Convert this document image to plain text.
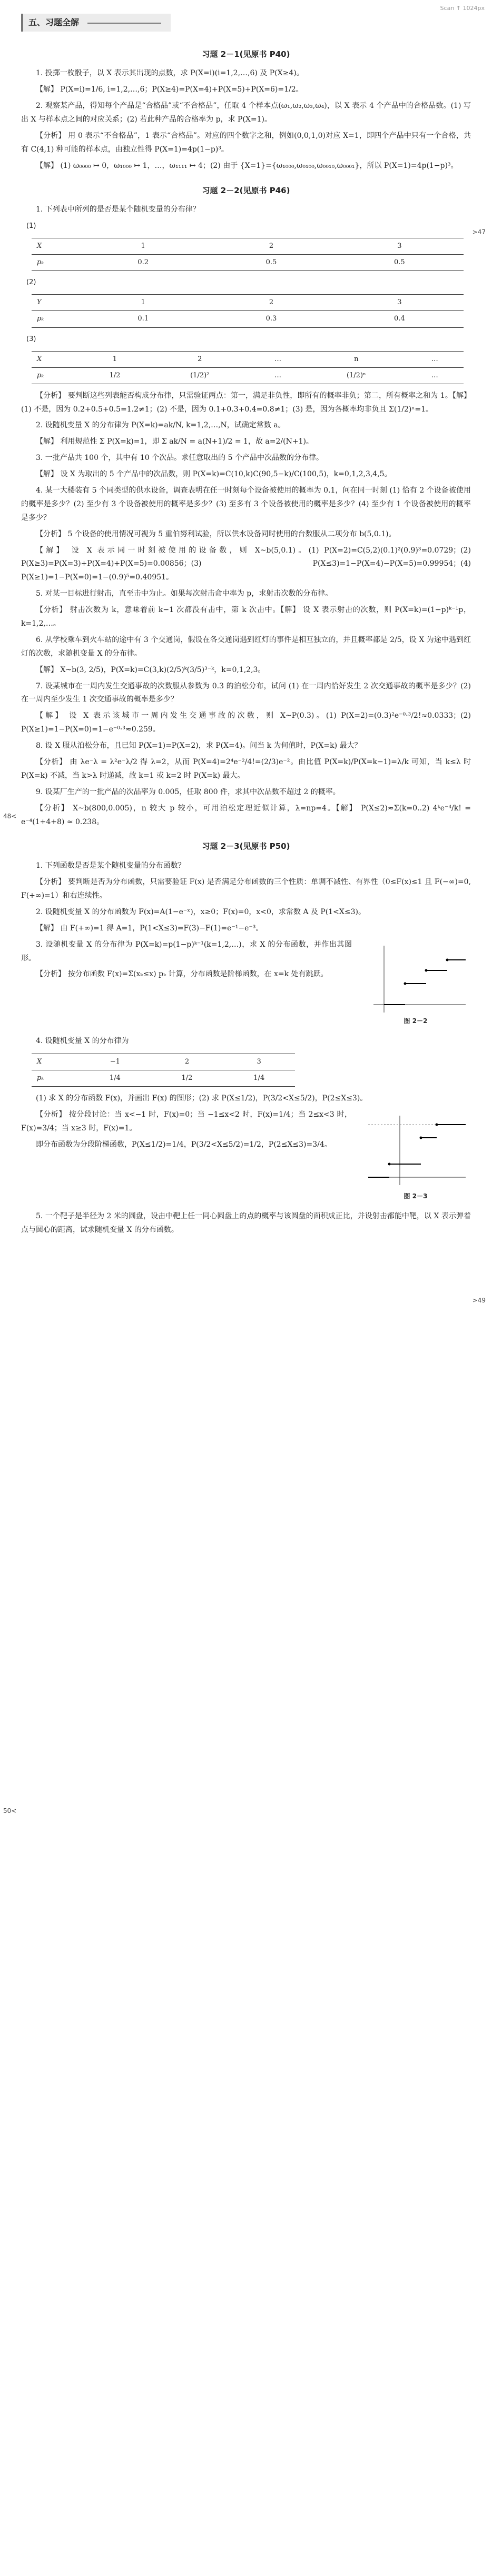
Scan ↑ 1024px
五、习题全解
习题 2－1(见原书 P40)

1. 投掷一枚骰子，以 X 表示其出现的点数，求 P(X=i)(i=1,2,…,6) 及 P(X≥4)。

【解】 P(X=i)=1/6, i=1,2,…,6；P(X≥4)=P(X=4)+P(X=5)+P(X=6)=1/2。

2. 观察某产品，得知每个产品是“合格品”或“不合格品”，任取 4 个样本点(ω₁,ω₂,ω₃,ω₄)，以 X 表示 4 个产品中的合格品数。(1) 写出 X 与样本点之间的对应关系；(2) 若此种产品的合格率为 p，求 P(X=1)。

【分析】 用 0 表示“不合格品”，1 表示“合格品”。对应的四个数字之和，例如(0,0,1,0)对应 X=1，即四个产品中只有一个合格，共有 C(4,1) 种可能的样本点，由独立性得 P(X=1)=4p(1−p)³。

【解】 (1) ω₀₀₀₀ ↦ 0，ω₁₀₀₀ ↦ 1，…，ω₁₁₁₁ ↦ 4；(2) 由于 {X=1}={ω₁₀₀₀,ω₀₁₀₀,ω₀₀₁₀,ω₀₀₀₁}，所以 P(X=1)=4p(1−p)³。

>47
习题 2－2(见原书 P46)

1. 下列表中所列的是否是某个随机变量的分布律？

(1)

X	1	2	3
pₖ	0.2	0.5	0.5

(2)

Y	1	2	3
pₖ	0.1	0.3	0.4

(3)

X	1	2	…	n	…
pₖ	1/2	(1/2)²	…	(1/2)ⁿ	…

【分析】 要判断这些列表能否构成分布律，只需验证两点：第一，满足非负性，即所有的概率非负；第二，所有概率之和为 1。【解】 (1) 不是，因为 0.2+0.5+0.5=1.2≠1；(2) 不是，因为 0.1+0.3+0.4=0.8≠1；(3) 是，因为各概率均非负且 Σ(1/2)ⁿ=1。

2. 设随机变量 X 的分布律为 P(X=k)=ak/N, k=1,2,…,N，试确定常数 a。

【解】 利用规范性 Σ P(X=k)=1，即 Σ ak/N = a(N+1)/2 = 1，故 a=2/(N+1)。

3. 一批产品共 100 个，其中有 10 个次品。求任意取出的 5 个产品中次品数的分布律。

【解】 设 X 为取出的 5 个产品中的次品数，则 P(X=k)=C(10,k)C(90,5−k)/C(100,5)，k=0,1,2,3,4,5。

4. 某一大楼装有 5 个同类型的供水设备，调查表明在任一时刻每个设备被使用的概率为 0.1，问在同一时刻 (1) 恰有 2 个设备被使用的概率是多少？(2) 至少有 3 个设备被使用的概率是多少？(3) 至多有 3 个设备被使用的概率是多少？(4) 至少有 1 个设备被使用的概率是多少？

48<

【分析】 5 个设备的使用情况可视为 5 重伯努利试验，所以供水设备同时使用的台数服从二项分布 b(5,0.1)。

【解】 设 X 表示同一时刻被使用的设备数，则 X~b(5,0.1)。(1) P(X=2)=C(5,2)(0.1)²(0.9)³=0.0729；(2) P(X≥3)=P(X=3)+P(X=4)+P(X=5)=0.00856；(3) P(X≤3)=1−P(X=4)−P(X=5)=0.99954；(4) P(X≥1)=1−P(X=0)=1−(0.9)⁵=0.40951。

5. 对某一目标进行射击，直至击中为止。如果每次射击命中率为 p，求射击次数的分布律。

【分析】 射击次数为 k，意味着前 k−1 次都没有击中，第 k 次击中。【解】 设 X 表示射击的次数，则 P(X=k)=(1−p)ᵏ⁻¹p，k=1,2,…。

6. 从学校乘车到火车站的途中有 3 个交通岗，假设在各交通岗遇到红灯的事件是相互独立的，并且概率都是 2/5，设 X 为途中遇到红灯的次数，求随机变量 X 的分布律。

【解】 X~b(3, 2/5)，P(X=k)=C(3,k)(2/5)ᵏ(3/5)³⁻ᵏ，k=0,1,2,3。

7. 设某城市在一周内发生交通事故的次数服从参数为 0.3 的泊松分布，试问 (1) 在一周内恰好发生 2 次交通事故的概率是多少？(2) 在一周内至少发生 1 次交通事故的概率是多少？

【解】 设 X 表示该城市一周内发生交通事故的次数，则 X~P(0.3)。(1) P(X=2)=(0.3)²e⁻⁰·³/2!≈0.0333；(2) P(X≥1)=1−P(X=0)=1−e⁻⁰·³≈0.259。

8. 设 X 服从泊松分布，且已知 P(X=1)=P(X=2)，求 P(X=4)。问当 k 为何值时，P(X=k) 最大？

>49

【分析】 由 λe⁻λ = λ²e⁻λ/2 得 λ=2，从而 P(X=4)=2⁴e⁻²/4!=(2/3)e⁻²。由比值 P(X=k)/P(X=k−1)=λ/k 可知，当 k≤λ 时 P(X=k) 不减，当 k>λ 时递减，故 k=1 或 k=2 时 P(X=k) 最大。

9. 设某厂生产的一批产品的次品率为 0.005，任取 800 件，求其中次品数不超过 2 的概率。

【分析】 X~b(800,0.005)，n 较大 p 较小，可用泊松定理近似计算，λ=np=4。【解】 P(X≤2)≈Σ(k=0..2) 4ᵏe⁻⁴/k! = e⁻⁴(1+4+8) ≈ 0.238。

习题 2－3(见原书 P50)

1. 下列函数是否是某个随机变量的分布函数？

【分析】 要判断是否为分布函数，只需要验证 F(x) 是否满足分布函数的三个性质：单调不减性、有界性（0≤F(x)≤1 且 F(−∞)=0, F(+∞)=1）和右连续性。

2. 设随机变量 X 的分布函数为 F(x)=A(1−e⁻ˣ)，x≥0；F(x)=0，x<0，求常数 A 及 P(1<X≤3)。

【解】 由 F(+∞)=1 得 A=1，P(1<X≤3)=F(3)−F(1)=e⁻¹−e⁻³。

50<
图 2－2

3. 设随机变量 X 的分布律为 P(X=k)=p(1−p)ᵏ⁻¹(k=1,2,…)，求 X 的分布函数，并作出其图形。

【分析】 按分布函数 F(x)=Σ(xₖ≤x) pₖ 计算，分布函数是阶梯函数，在 x=k 处有跳跃。

4. 设随机变量 X 的分布律为

X	−1	2	3
pₖ	1/4	1/2	1/4

(1) 求 X 的分布函数 F(x)，并画出 F(x) 的图形；(2) 求 P(X≤1/2)，P(3/2<X≤5/2)，P(2≤X≤3)。

图 2－3

【分析】 按分段讨论：当 x<−1 时，F(x)=0；当 −1≤x<2 时，F(x)=1/4；当 2≤x<3 时，F(x)=3/4；当 x≥3 时，F(x)=1。

即分布函数为分段阶梯函数，P(X≤1/2)=1/4，P(3/2<X≤5/2)=1/2，P(2≤X≤3)=3/4。

5. 一个靶子是半径为 2 米的圆盘，设击中靶上任一同心圆盘上的点的概率与该圆盘的面积成正比，并设射击都能中靶，以 X 表示弹着点与圆心的距离，试求随机变量 X 的分布函数。
